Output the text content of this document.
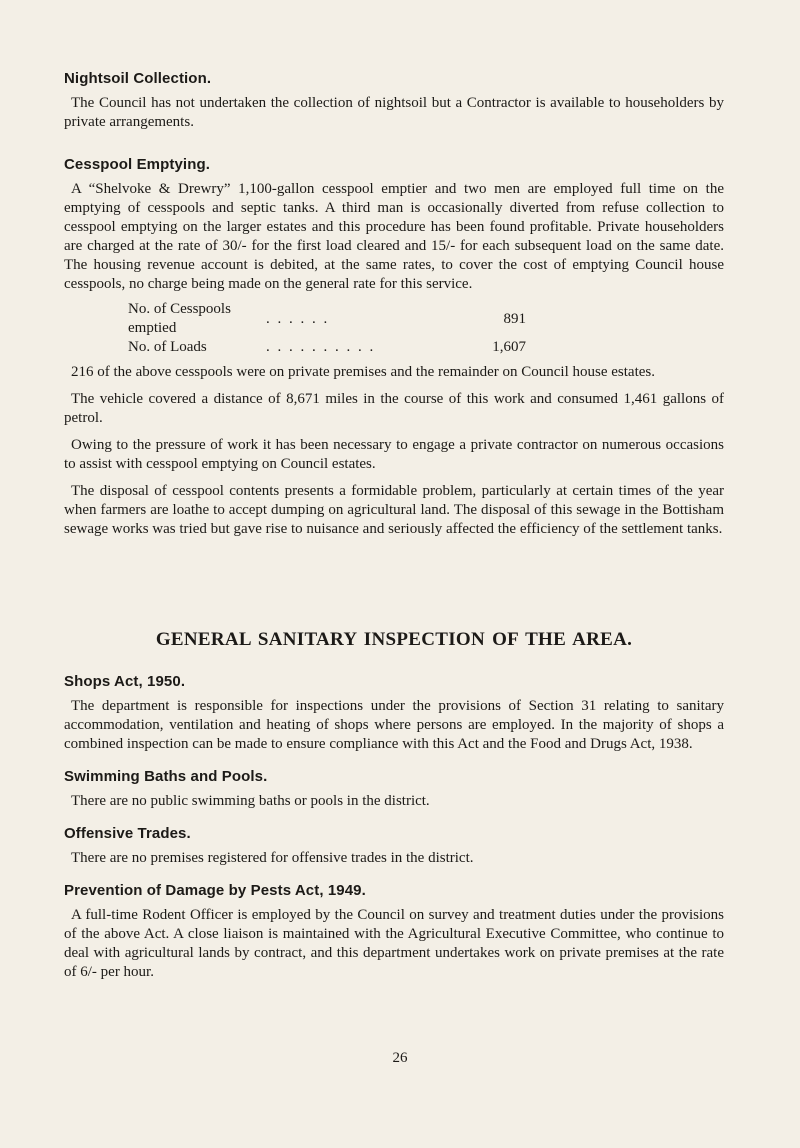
Nightsoil Collection.

The Council has not undertaken the collection of nightsoil but a Contractor is available to householders by private arrangements.

Cesspool Emptying.

A “Shelvoke & Drewry” 1,100-gallon cesspool emptier and two men are employed full time on the emptying of cesspools and septic tanks. A third man is occasionally diverted from refuse collection to cesspool emptying on the larger estates and this procedure has been found profitable. Private householders are charged at the rate of 30/- for the first load cleared and 15/- for each subsequent load on the same date. The housing revenue account is debited, at the same rates, to cover the cost of emptying Council house cesspools, no charge being made on the general rate for this service.

No. of Cesspools emptied	. . . . . .	891
No. of Loads	. . . . . . . . . .	1,607

216 of the above cesspools were on private premises and the remainder on Council house estates.

The vehicle covered a distance of 8,671 miles in the course of this work and consumed 1,461 gallons of petrol.

Owing to the pressure of work it has been necessary to engage a private contractor on numerous occasions to assist with cesspool emptying on Council estates.

The disposal of cesspool contents presents a formidable problem, particularly at certain times of the year when farmers are loathe to accept dumping on agricultural land. The disposal of this sewage in the Bottisham sewage works was tried but gave rise to nuisance and seriously affected the efficiency of the settlement tanks.

GENERAL SANITARY INSPECTION OF THE AREA.
Shops Act, 1950.

The department is responsible for inspections under the provisions of Section 31 relating to sanitary accommodation, ventilation and heating of shops where persons are employed. In the majority of shops a combined inspection can be made to ensure compliance with this Act and the Food and Drugs Act, 1938.

Swimming Baths and Pools.

There are no public swimming baths or pools in the district.

Offensive Trades.

There are no premises registered for offensive trades in the district.

Prevention of Damage by Pests Act, 1949.

A full-time Rodent Officer is employed by the Council on survey and treatment duties under the provisions of the above Act. A close liaison is maintained with the Agricultural Executive Committee, who continue to deal with agricultural lands by contract, and this department undertakes work on private premises at the rate of 6/- per hour.

26
